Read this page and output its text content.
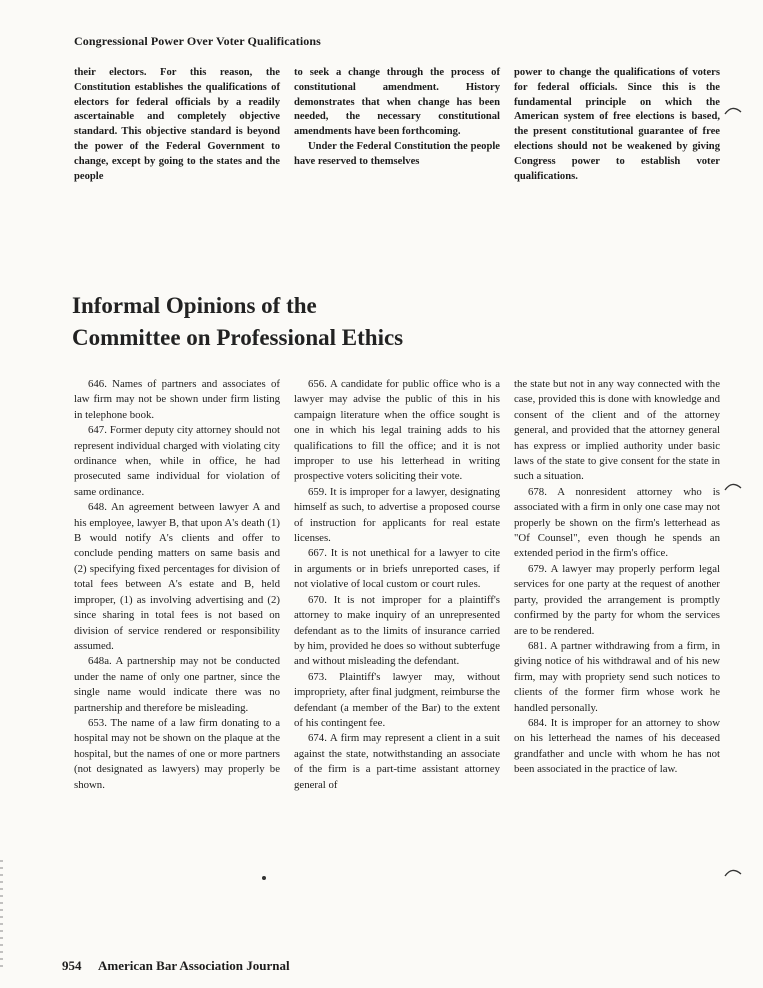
Congressional Power Over Voter Qualifications

their electors. For this reason, the Constitution establishes the qualifications of electors for federal officials by a readily ascertainable and completely objective standard. This objective standard is beyond the power of the Federal Government to change, except by going to the states and the people

to seek a change through the process of constitutional amendment. History demonstrates that when change has been needed, the necessary constitutional amendments have been forthcoming.

Under the Federal Constitution the people have reserved to themselves

power to change the qualifications of voters for federal officials. Since this is the fundamental principle on which the American system of free elections is based, the present constitutional guarantee of free elections should not be weakened by giving Congress power to establish voter qualifications.

Informal Opinions of the
Committee on Professional Ethics

646. Names of partners and associates of law firm may not be shown under firm listing in telephone book.

647. Former deputy city attorney should not represent individual charged with violating city ordinance when, while in office, he had prosecuted same individual for violation of same ordinance.

648. An agreement between lawyer A and his employee, lawyer B, that upon A's death (1) B would notify A's clients and offer to conclude pending matters on same basis and (2) specifying fixed percentages for division of total fees between A's estate and B, held improper, (1) as involving advertising and (2) since sharing in total fees is not based on division of service rendered or responsibility assumed.

648a. A partnership may not be conducted under the name of only one partner, since the single name would indicate there was no partnership and therefore be misleading.

653. The name of a law firm donating to a hospital may not be shown on the plaque at the hospital, but the names of one or more partners (not designated as lawyers) may properly be shown.

656. A candidate for public office who is a lawyer may advise the public of this in his campaign literature when the office sought is one in which his legal training adds to his qualifications to fill the office; and it is not improper to use his letterhead in writing prospective voters soliciting their vote.

659. It is improper for a lawyer, designating himself as such, to advertise a proposed course of instruction for applicants for real estate licenses.

667. It is not unethical for a lawyer to cite in arguments or in briefs unreported cases, if not violative of local custom or court rules.

670. It is not improper for a plaintiff's attorney to make inquiry of an unrepresented defendant as to the limits of insurance carried by him, provided he does so without subterfuge and without misleading the defendant.

673. Plaintiff's lawyer may, without impropriety, after final judgment, reimburse the defendant (a member of the Bar) to the extent of his contingent fee.

674. A firm may represent a client in a suit against the state, notwithstanding an associate of the firm is a part-time assistant attorney general of

the state but not in any way connected with the case, provided this is done with knowledge and consent of the client and of the attorney general, and provided that the attorney general has express or implied authority under basic laws of the state to give consent for the state in such a situation.

678. A nonresident attorney who is associated with a firm in only one case may not properly be shown on the firm's letterhead as "Of Counsel", even though he spends an extended period in the firm's office.

679. A lawyer may properly perform legal services for one party at the request of another party, provided the arrangement is promptly confirmed by the party for whom the services are to be rendered.

681. A partner withdrawing from a firm, in giving notice of his withdrawal and of his new firm, may with propriety send such notices to clients of the former firm whose work he handled personally.

684. It is improper for an attorney to show on his letterhead the names of his deceased grandfather and uncle with whom he has not been associated in the practice of law.

954 American Bar Association Journal
